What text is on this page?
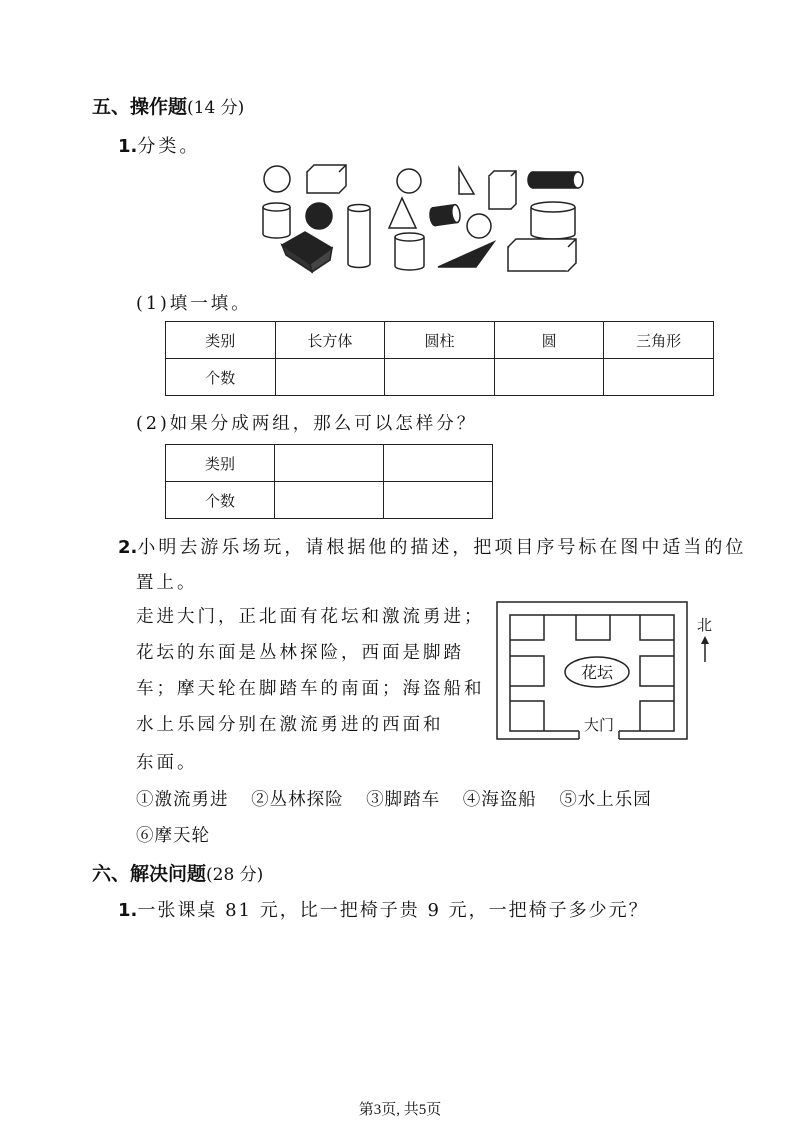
五、操作题(14 分)
1.分类。
(1)填一填。
类别	长方体	圆柱	圆	三角形
个数				
(2)如果分成两组，那么可以怎样分？
类别		
个数		
2.小明去游乐场玩，请根据他的描述，把项目序号标在图中适当的位
置上。
走进大门，正北面有花坛和激流勇进；
花坛的东面是丛林探险，西面是脚踏
车；摩天轮在脚踏车的南面；海盗船和
水上乐园分别在激流勇进的西面和
东面。
花坛
大门
北
①激流勇进 ②丛林探险 ③脚踏车 ④海盗船 ⑤水上乐园
⑥摩天轮
六、解决问题(28 分)
1.一张课桌 81 元，比一把椅子贵 9 元，一把椅子多少元？
第3页, 共5页
